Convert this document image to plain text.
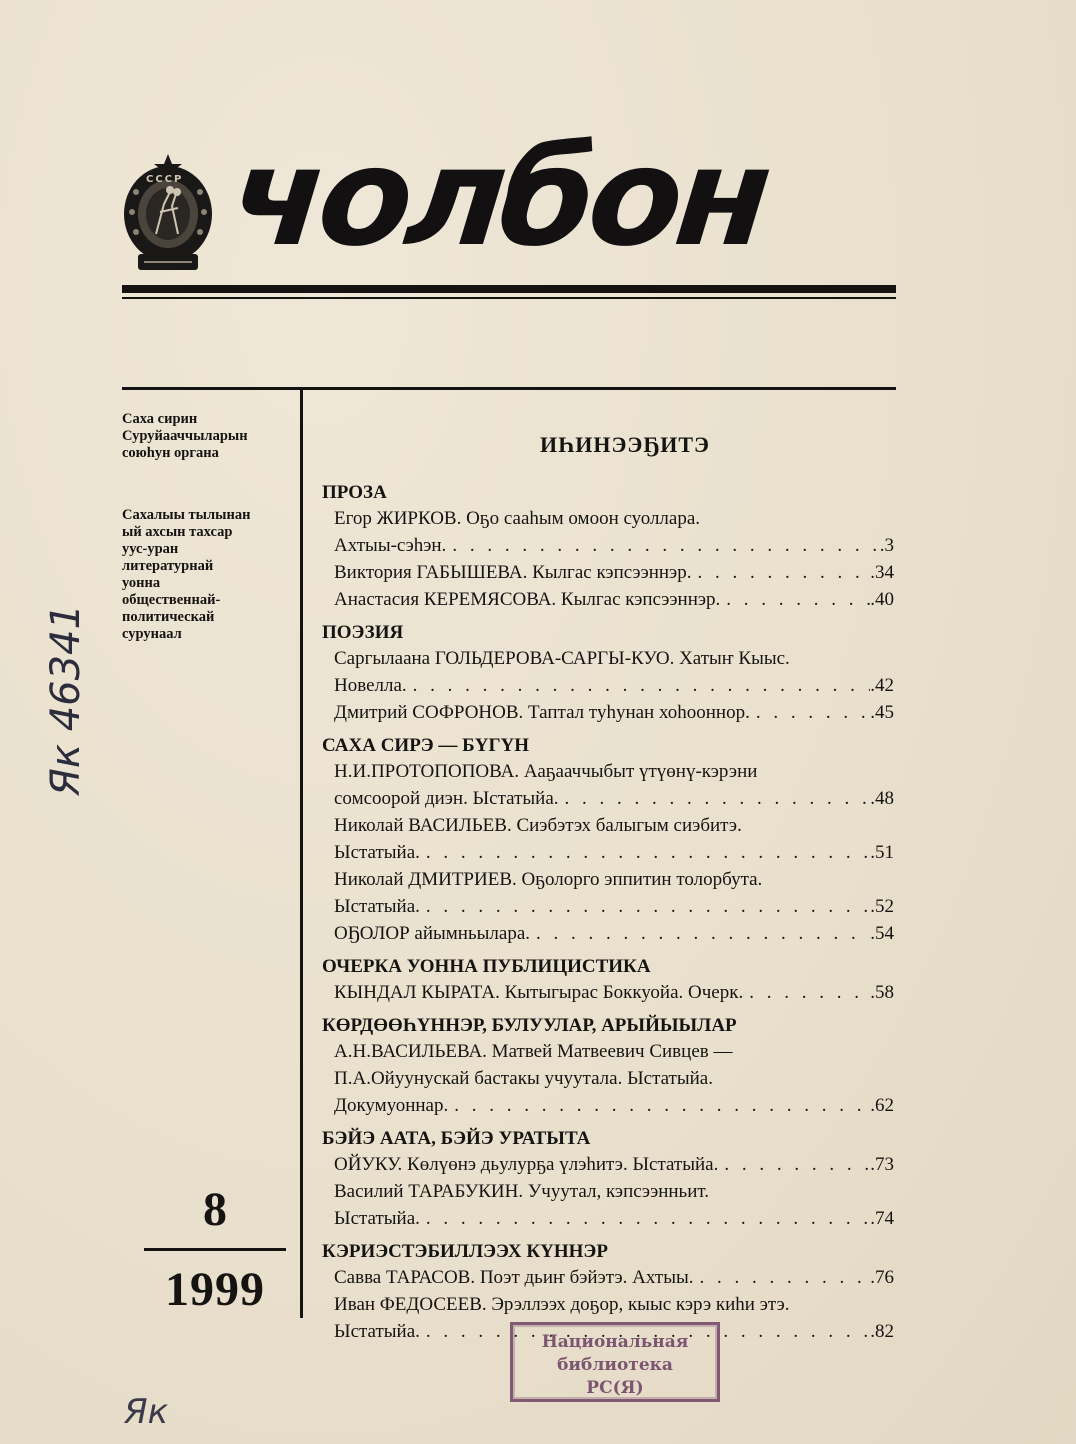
СССР чолбон

Саха сирин
Суруйааччыларын
союһун органа

Сахалыы тылынан
ый ахсын тахсар
уус-уран
литературнай
уонна
общественнай-
политическай
сурунаал

8
1999

Як 46341

Як

ИҺИНЭЭҔИТЭ

ПРОЗА

Егор ЖИРКОВ. Оҕо сааһым омоон суоллара.

Ахтыы-сэһэн. . . .	.3
Виктория ГАБЫШЕВА. Кылгас кэпсээннэр. . . .	.34
Анастасия КЕРЕМЯСОВА. Кылгас кэпсээннэр. . . .	.40

ПОЭЗИЯ

Саргылаана ГОЛЬДЕРОВА-САРГЫ-КУО. Хатыҥ Кыыс.

Новелла. . . .	.42
Дмитрий СОФРОНОВ. Таптал туһунан хоһооннор. . . .	.45

САХА СИРЭ — БҮГҮН

Н.И.ПРОТОПОПОВА. Ааҕааччыбыт үтүөнү-кэрэни

сомсоорой диэн. Ыстатыйа. . . .	.48

Николай ВАСИЛЬЕВ. Сиэбэтэх балыгым сиэбитэ.

Ыстатыйа. . . .	.51

Николай ДМИТРИЕВ. Оҕолорго эппитин толорбута.

Ыстатыйа. . . .	.52
ОҔОЛОР айымньылара. . . .	.54

ОЧЕРКА УОННА ПУБЛИЦИСТИКА

КЫНДАЛ КЫРАТА. Кытыгырас Боккуойа. Очерк. . . .	.58

КӨРДӨӨҺҮННЭР, БУЛУУЛАР, АРЫЙЫЫЛАР

А.Н.ВАСИЛЬЕВА. Матвей Матвеевич Сивцев —

П.А.Ойуунускай бастакы учуутала. Ыстатыйа.

Докумуоннар. . . .	.62

БЭЙЭ ААТА, БЭЙЭ УРАТЫТА

ОЙУКУ. Көлүөнэ дьулурҕа үлэһитэ. Ыстатыйа. . . .	.73

Василий ТАРАБУКИН. Учуутал, кэпсээнньит.

Ыстатыйа. . . .	.74

КЭРИЭСТЭБИЛЛЭЭХ КҮННЭР

Савва ТАРАСОВ. Поэт дьиҥ бэйэтэ. Ахтыы. . . .	.76

Иван ФЕДОСЕЕВ. Эрэллээх доҕор, кыыс кэрэ киһи этэ.

Ыстатыйа. . . .	.82
Национальная
библиотека
РС(Я)
